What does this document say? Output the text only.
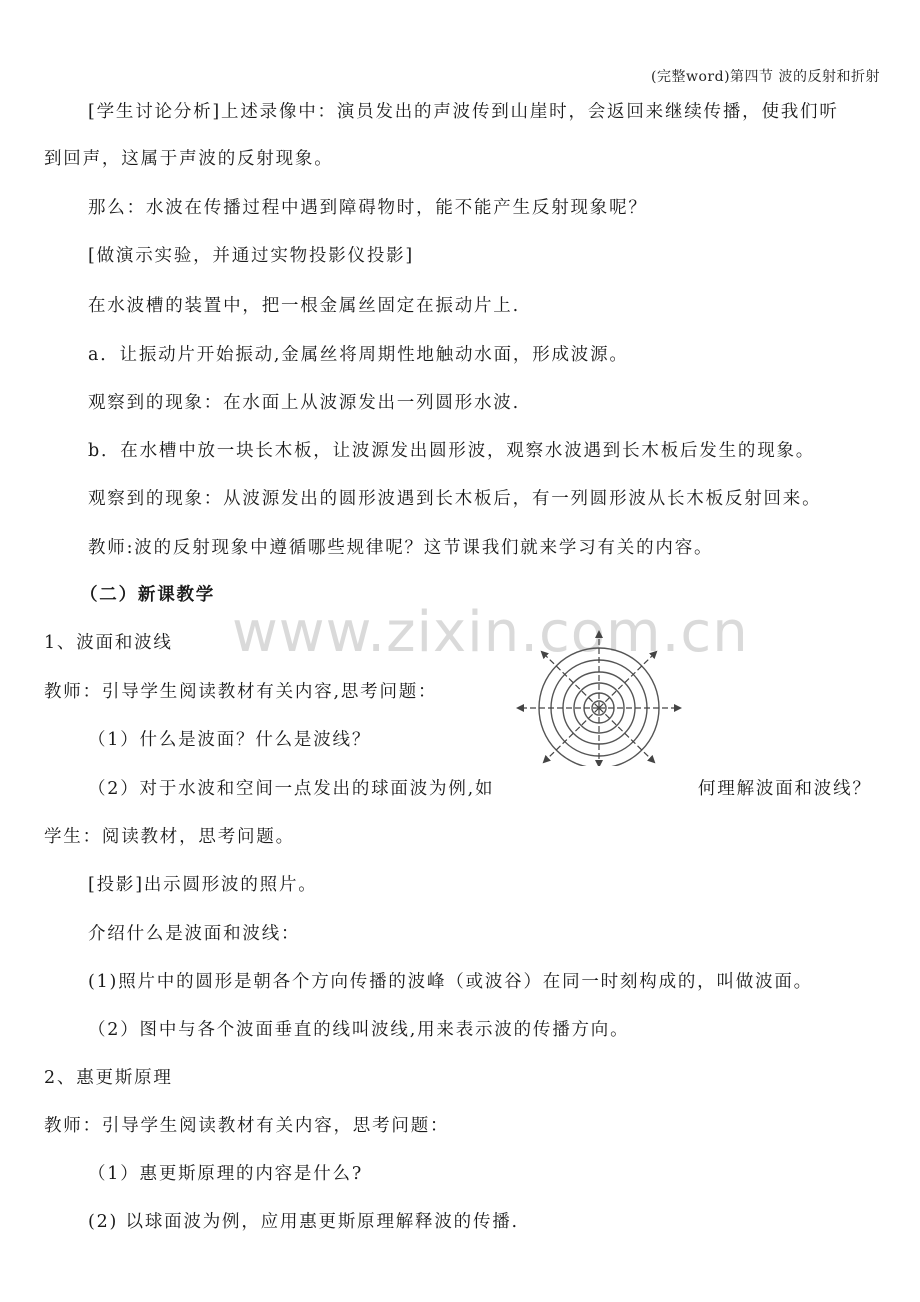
(完整word)第四节 波的反射和折射
www.zixin.com.cn
[学生讨论分析]上述录像中：演员发出的声波传到山崖时，会返回来继续传播，使我们听
到回声，这属于声波的反射现象。
那么：水波在传播过程中遇到障碍物时，能不能产生反射现象呢？
[做演示实验，并通过实物投影仪投影]
在水波槽的装置中，把一根金属丝固定在振动片上.
a．让振动片开始振动,金属丝将周期性地触动水面，形成波源。
观察到的现象：在水面上从波源发出一列圆形水波.
b．在水槽中放一块长木板，让波源发出圆形波，观察水波遇到长木板后发生的现象。
观察到的现象：从波源发出的圆形波遇到长木板后，有一列圆形波从长木板反射回来。
教师:波的反射现象中遵循哪些规律呢？这节课我们就来学习有关的内容。
（二）新课教学
1、波面和波线
教师：引导学生阅读教材有关内容,思考问题：
（1）什么是波面？什么是波线？
（2）对于水波和空间一点发出的球面波为例,如	何理解波面和波线？
学生：阅读教材，思考问题。
[投影]出示圆形波的照片。
介绍什么是波面和波线：
(1)照片中的圆形是朝各个方向传播的波峰（或波谷）在同一时刻构成的，叫做波面。
（2）图中与各个波面垂直的线叫波线,用来表示波的传播方向。
2、惠更斯原理
教师：引导学生阅读教材有关内容，思考问题：
（1）惠更斯原理的内容是什么?
(2) 以球面波为例，应用惠更斯原理解释波的传播.
